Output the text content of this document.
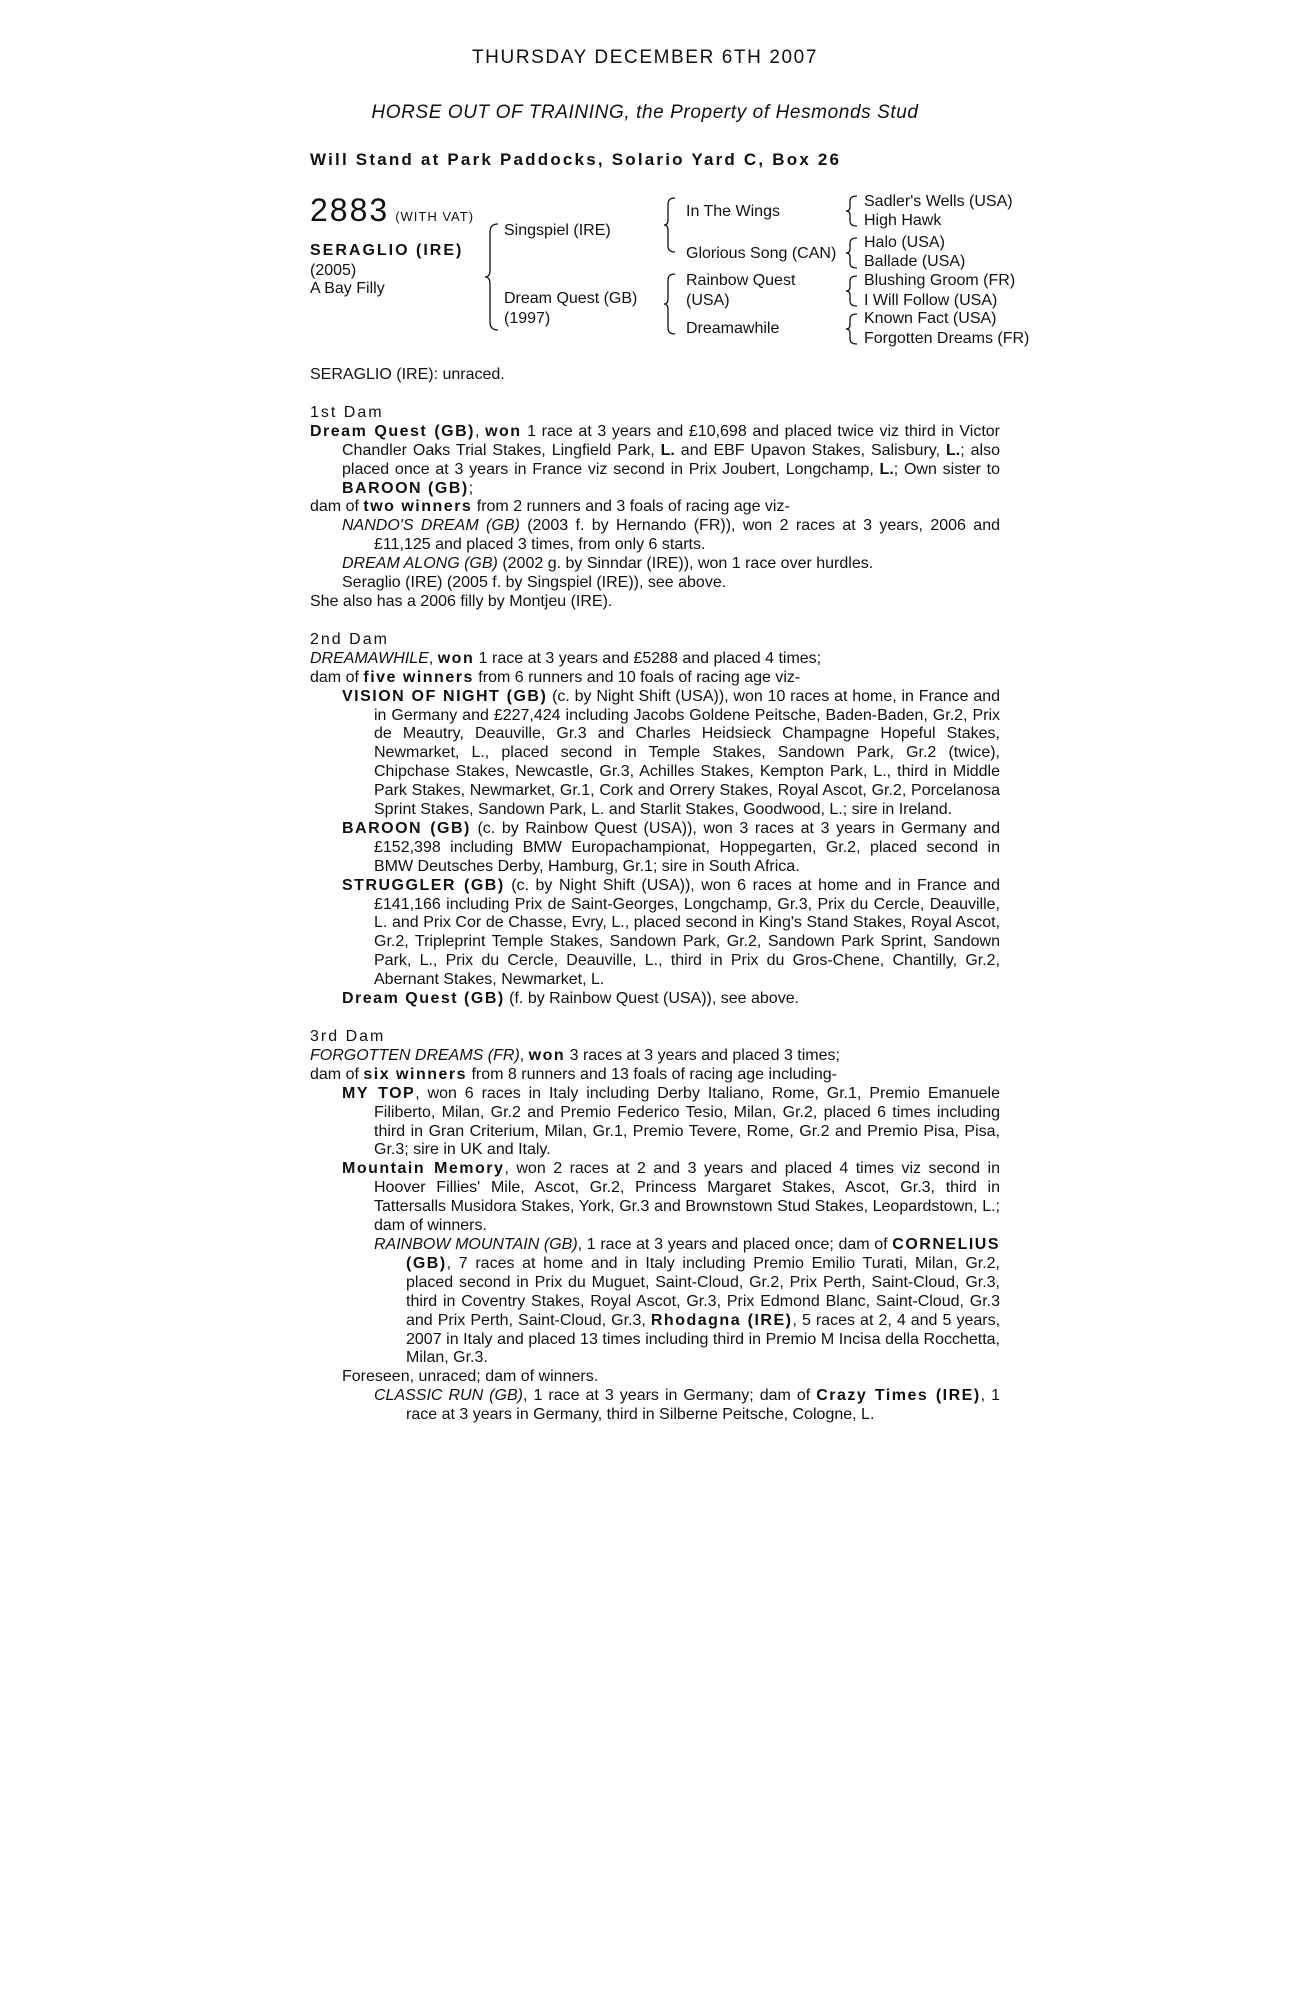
THURSDAY DECEMBER 6TH 2007
HORSE OUT OF TRAINING, the Property of Hesmonds Stud
Will Stand at Park Paddocks, Solario Yard C, Box 26
2883 (WITH VAT)
SERAGLIO (IRE)
(2005)
A Bay Filly
Singspiel (IRE)
Dream Quest (GB)
(1997)
In The Wings
Glorious Song (CAN)
Rainbow Quest
(USA)
Dreamawhile
Sadler's Wells (USA)
High Hawk
Halo (USA)
Ballade (USA)
Blushing Groom (FR)
I Will Follow (USA)
Known Fact (USA)
Forgotten Dreams (FR)

SERAGLIO (IRE): unraced.

1st Dam

Dream Quest (GB), won 1 race at 3 years and £10,698 and placed twice viz third in Victor Chandler Oaks Trial Stakes, Lingfield Park, L. and EBF Upavon Stakes, Salisbury, L.; also placed once at 3 years in France viz second in Prix Joubert, Longchamp, L.; Own sister to BAROON (GB);

dam of two winners from 2 runners and 3 foals of racing age viz-

NANDO'S DREAM (GB) (2003 f. by Hernando (FR)), won 2 races at 3 years, 2006 and £11,125 and placed 3 times, from only 6 starts.

DREAM ALONG (GB) (2002 g. by Sinndar (IRE)), won 1 race over hurdles.

Seraglio (IRE) (2005 f. by Singspiel (IRE)), see above.

She also has a 2006 filly by Montjeu (IRE).

2nd Dam

DREAMAWHILE, won 1 race at 3 years and £5288 and placed 4 times;

dam of five winners from 6 runners and 10 foals of racing age viz-

VISION OF NIGHT (GB) (c. by Night Shift (USA)), won 10 races at home, in France and in Germany and £227,424 including Jacobs Goldene Peitsche, Baden-Baden, Gr.2, Prix de Meautry, Deauville, Gr.3 and Charles Heidsieck Champagne Hopeful Stakes, Newmarket, L., placed second in Temple Stakes, Sandown Park, Gr.2 (twice), Chipchase Stakes, Newcastle, Gr.3, Achilles Stakes, Kempton Park, L., third in Middle Park Stakes, Newmarket, Gr.1, Cork and Orrery Stakes, Royal Ascot, Gr.2, Porcelanosa Sprint Stakes, Sandown Park, L. and Starlit Stakes, Goodwood, L.; sire in Ireland.

BAROON (GB) (c. by Rainbow Quest (USA)), won 3 races at 3 years in Germany and £152,398 including BMW Europachampionat, Hoppegarten, Gr.2, placed second in BMW Deutsches Derby, Hamburg, Gr.1; sire in South Africa.

STRUGGLER (GB) (c. by Night Shift (USA)), won 6 races at home and in France and £141,166 including Prix de Saint-Georges, Longchamp, Gr.3, Prix du Cercle, Deauville, L. and Prix Cor de Chasse, Evry, L., placed second in King's Stand Stakes, Royal Ascot, Gr.2, Tripleprint Temple Stakes, Sandown Park, Gr.2, Sandown Park Sprint, Sandown Park, L., Prix du Cercle, Deauville, L., third in Prix du Gros-Chene, Chantilly, Gr.2, Abernant Stakes, Newmarket, L.

Dream Quest (GB) (f. by Rainbow Quest (USA)), see above.

3rd Dam

FORGOTTEN DREAMS (FR), won 3 races at 3 years and placed 3 times;

dam of six winners from 8 runners and 13 foals of racing age including-

MY TOP, won 6 races in Italy including Derby Italiano, Rome, Gr.1, Premio Emanuele Filiberto, Milan, Gr.2 and Premio Federico Tesio, Milan, Gr.2, placed 6 times including third in Gran Criterium, Milan, Gr.1, Premio Tevere, Rome, Gr.2 and Premio Pisa, Pisa, Gr.3; sire in UK and Italy.

Mountain Memory, won 2 races at 2 and 3 years and placed 4 times viz second in Hoover Fillies' Mile, Ascot, Gr.2, Princess Margaret Stakes, Ascot, Gr.3, third in Tattersalls Musidora Stakes, York, Gr.3 and Brownstown Stud Stakes, Leopardstown, L.; dam of winners.

RAINBOW MOUNTAIN (GB), 1 race at 3 years and placed once; dam of CORNELIUS (GB), 7 races at home and in Italy including Premio Emilio Turati, Milan, Gr.2, placed second in Prix du Muguet, Saint-Cloud, Gr.2, Prix Perth, Saint-Cloud, Gr.3, third in Coventry Stakes, Royal Ascot, Gr.3, Prix Edmond Blanc, Saint-Cloud, Gr.3 and Prix Perth, Saint-Cloud, Gr.3, Rhodagna (IRE), 5 races at 2, 4 and 5 years, 2007 in Italy and placed 13 times including third in Premio M Incisa della Rocchetta, Milan, Gr.3.

Foreseen, unraced; dam of winners.

CLASSIC RUN (GB), 1 race at 3 years in Germany; dam of Crazy Times (IRE), 1 race at 3 years in Germany, third in Silberne Peitsche, Cologne, L.
